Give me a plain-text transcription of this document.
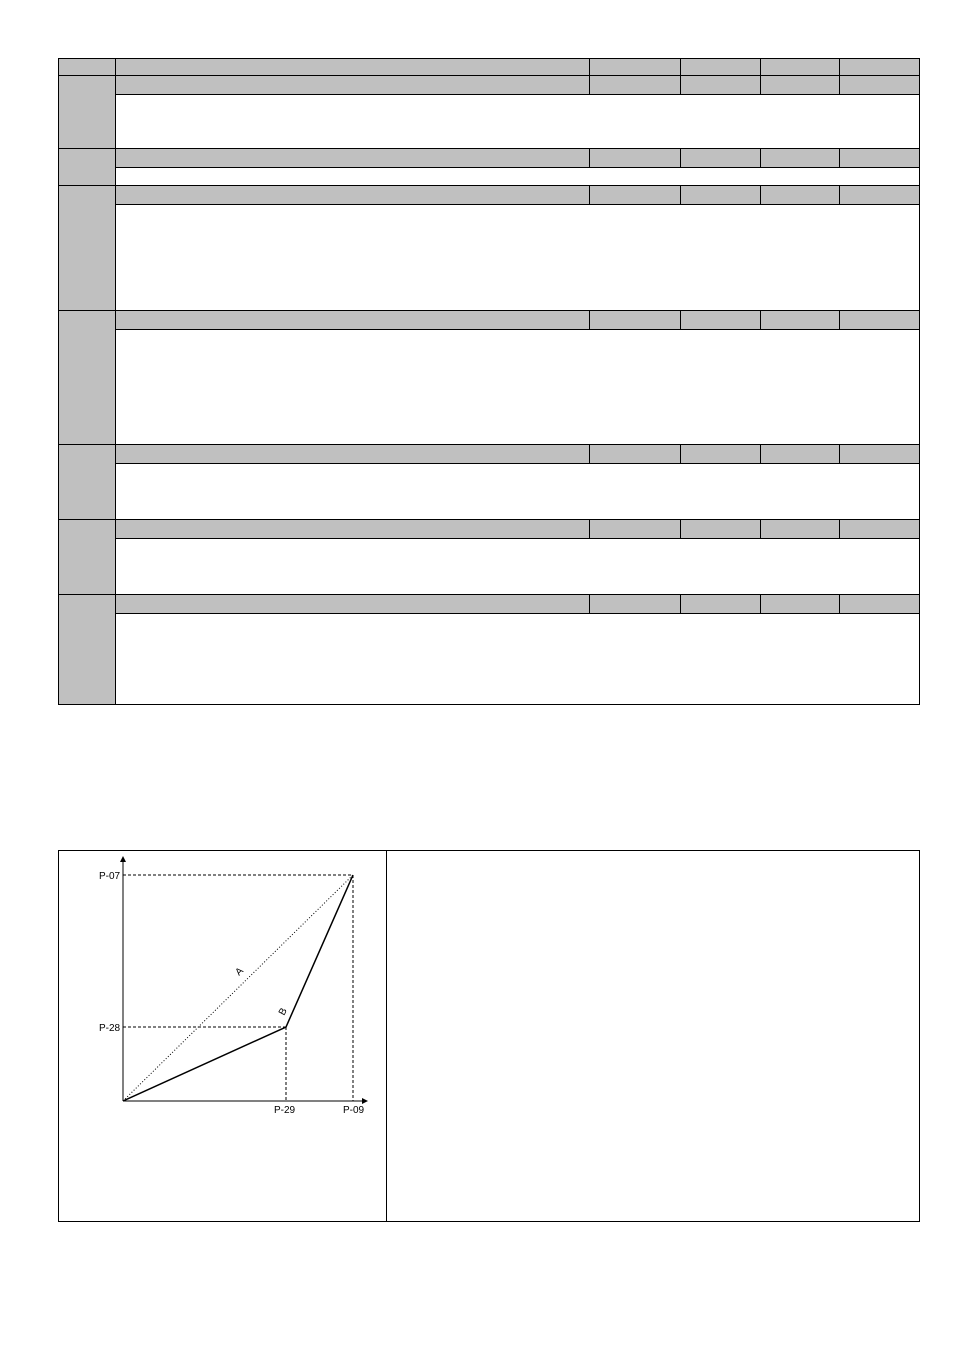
P-07
P-28
P-29	P-09
A
B
